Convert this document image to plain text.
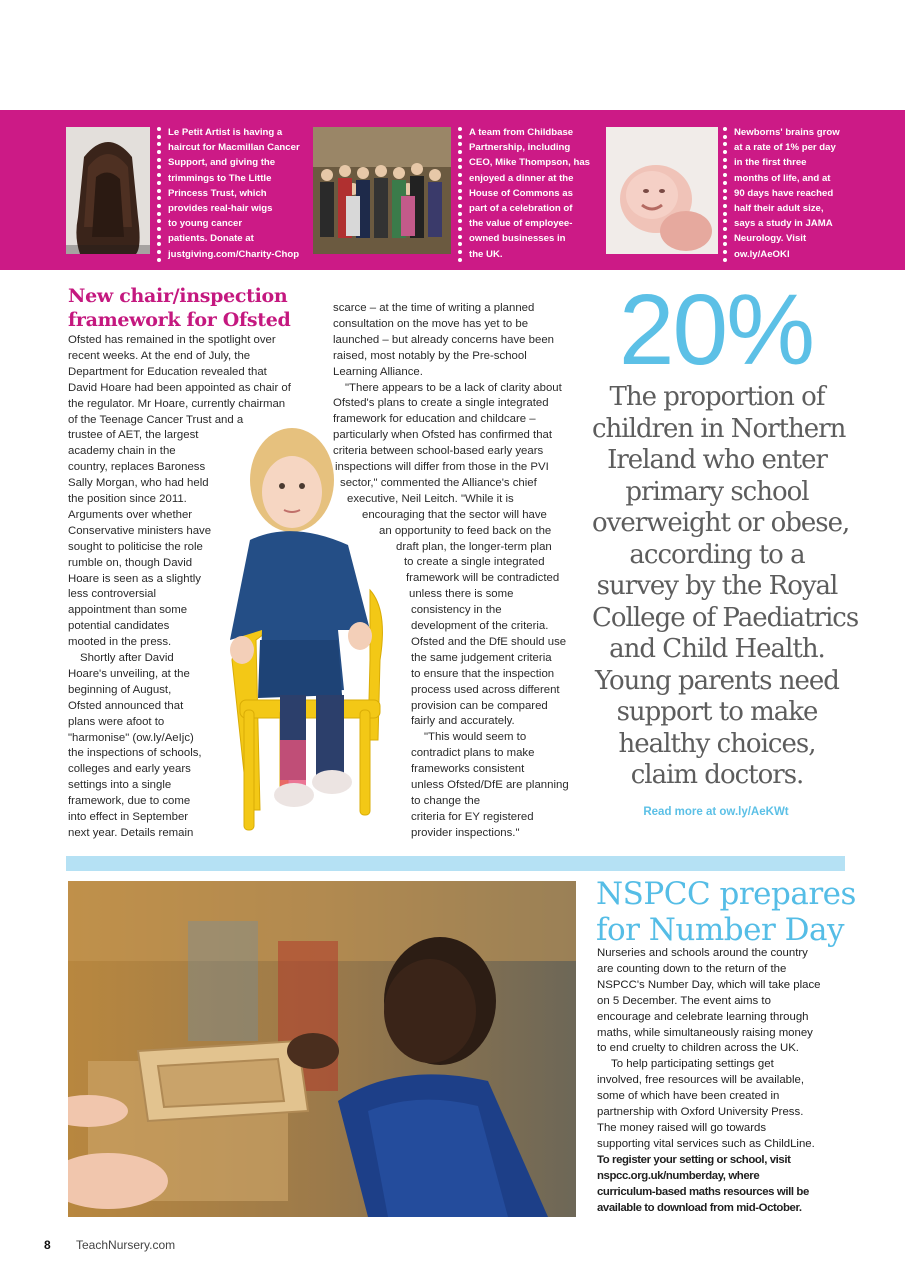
Le Petit Artist is having a
haircut for Macmillan Cancer
Support, and giving the
trimmings to The Little
Princess Trust, which
provides real-hair wigs
to young cancer
patients. Donate at
justgiving.com/Charity-Chop
A team from Childbase
Partnership, including
CEO, Mike Thompson, has
enjoyed a dinner at the
House of Commons as
part of a celebration of
the value of employee-
owned businesses in
the UK.
Newborns' brains grow
at a rate of 1% per day
in the first three
months of life, and at
90 days have reached
half their adult size,
says a study in JAMA
Neurology. Visit
ow.ly/AeOKl
New chair/inspection
framework for Ofsted
Ofsted has remained in the spotlight over
recent weeks. At the end of July, the
Department for Education revealed that
David Hoare had been appointed as chair of
the regulator. Mr Hoare, currently chairman
of the Teenage Cancer Trust and a
trustee of AET, the largest
academy chain in the
country, replaces Baroness
Sally Morgan, who had held
the position since 2011.
Arguments over whether
Conservative ministers have
sought to politicise the role
rumble on, though David
Hoare is seen as a slightly
less controversial
appointment than some
potential candidates
mooted in the press.
Shortly after David
Hoare's unveiling, at the
beginning of August,
Ofsted announced that
plans were afoot to
"harmonise" (ow.ly/AeIjc)
the inspections of schools,
colleges and early years
settings into a single
framework, due to come
into effect in September
next year. Details remain
scarce – at the time of writing a planned
consultation on the move has yet to be
launched – but already concerns have been
raised, most notably by the Pre-school
Learning Alliance.
"There appears to be a lack of clarity about
Ofsted's plans to create a single integrated
framework for education and childcare –
particularly when Ofsted has confirmed that
criteria between school-based early years
inspections will differ from those in the PVI
sector," commented the Alliance's chief
executive, Neil Leitch. "While it is
encouraging that the sector will have
an opportunity to feed back on the
draft plan, the longer-term plan
to create a single integrated
framework will be contradicted
unless there is some
consistency in the
development of the criteria.
Ofsted and the DfE should use
the same judgement criteria
to ensure that the inspection
process used across different
provision can be compared
fairly and accurately.
"This would seem to
contradict plans to make
frameworks consistent
unless Ofsted/DfE are planning
to change the
criteria for EY registered
provider inspections."
20%
The proportion of
children in Northern
Ireland who enter
primary school
overweight or obese,
according to a
survey by the Royal
College of Paediatrics
and Child Health.
Young parents need
support to make
healthy choices,
claim doctors.
Read more at ow.ly/AeKWt
NSPCC prepares
for Number Day
Nurseries and schools around the country
are counting down to the return of the
NSPCC's Number Day, which will take place
on 5 December. The event aims to
encourage and celebrate learning through
maths, while simultaneously raising money
to end cruelty to children across the UK.
To help participating settings get
involved, free resources will be available,
some of which have been created in
partnership with Oxford University Press.
The money raised will go towards
supporting vital services such as ChildLine.
To register your setting or school, visit
nspcc.org.uk/numberday, where
curriculum-based maths resources will be
available to download from mid-October.
8 TeachNursery.com
